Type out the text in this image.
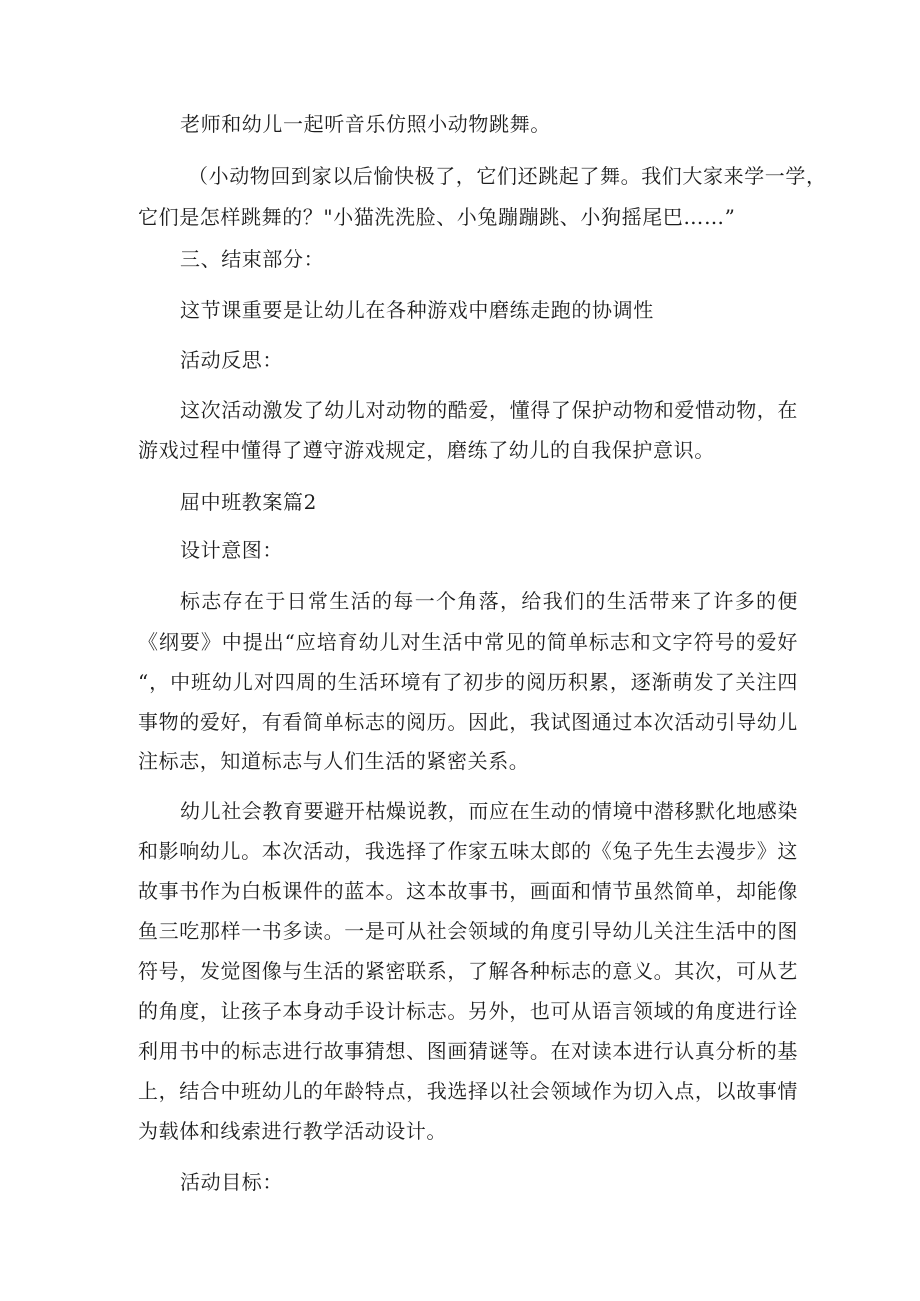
老师和幼儿一起听音乐仿照小动物跳舞。
（小动物回到家以后愉快极了，它们还跳起了舞。我们大家来学一学，
它们是怎样跳舞的？"小猫洗洗脸、小兔蹦蹦跳、小狗摇尾巴……”
三、结束部分：
这节课重要是让幼儿在各种游戏中磨练走跑的协调性
活动反思：
这次活动激发了幼儿对动物的酷爱，懂得了保护动物和爱惜动物，在
游戏过程中懂得了遵守游戏规定，磨练了幼儿的自我保护意识。
屈中班教案篇2
设计意图：
标志存在于日常生活的每一个角落，给我们的生活带来了许多的便
《纲要》中提出“应培育幼儿对生活中常见的简单标志和文字符号的爱好
“，中班幼儿对四周的生活环境有了初步的阅历积累，逐渐萌发了关注四
事物的爱好，有看简单标志的阅历。因此，我试图通过本次活动引导幼儿
注标志，知道标志与人们生活的紧密关系。
幼儿社会教育要避开枯燥说教，而应在生动的情境中潜移默化地感染
和影响幼儿。本次活动，我选择了作家五味太郎的《兔子先生去漫步》这
故事书作为白板课件的蓝本。这本故事书，画面和情节虽然简单，却能像
鱼三吃那样一书多读。一是可从社会领域的角度引导幼儿关注生活中的图
符号，发觉图像与生活的紧密联系，了解各种标志的意义。其次，可从艺
的角度，让孩子本身动手设计标志。另外，也可从语言领域的角度进行诠
利用书中的标志进行故事猜想、图画猜谜等。在对读本进行认真分析的基
上，结合中班幼儿的年龄特点，我选择以社会领域作为切入点，以故事情
为载体和线索进行教学活动设计。
活动目标：
